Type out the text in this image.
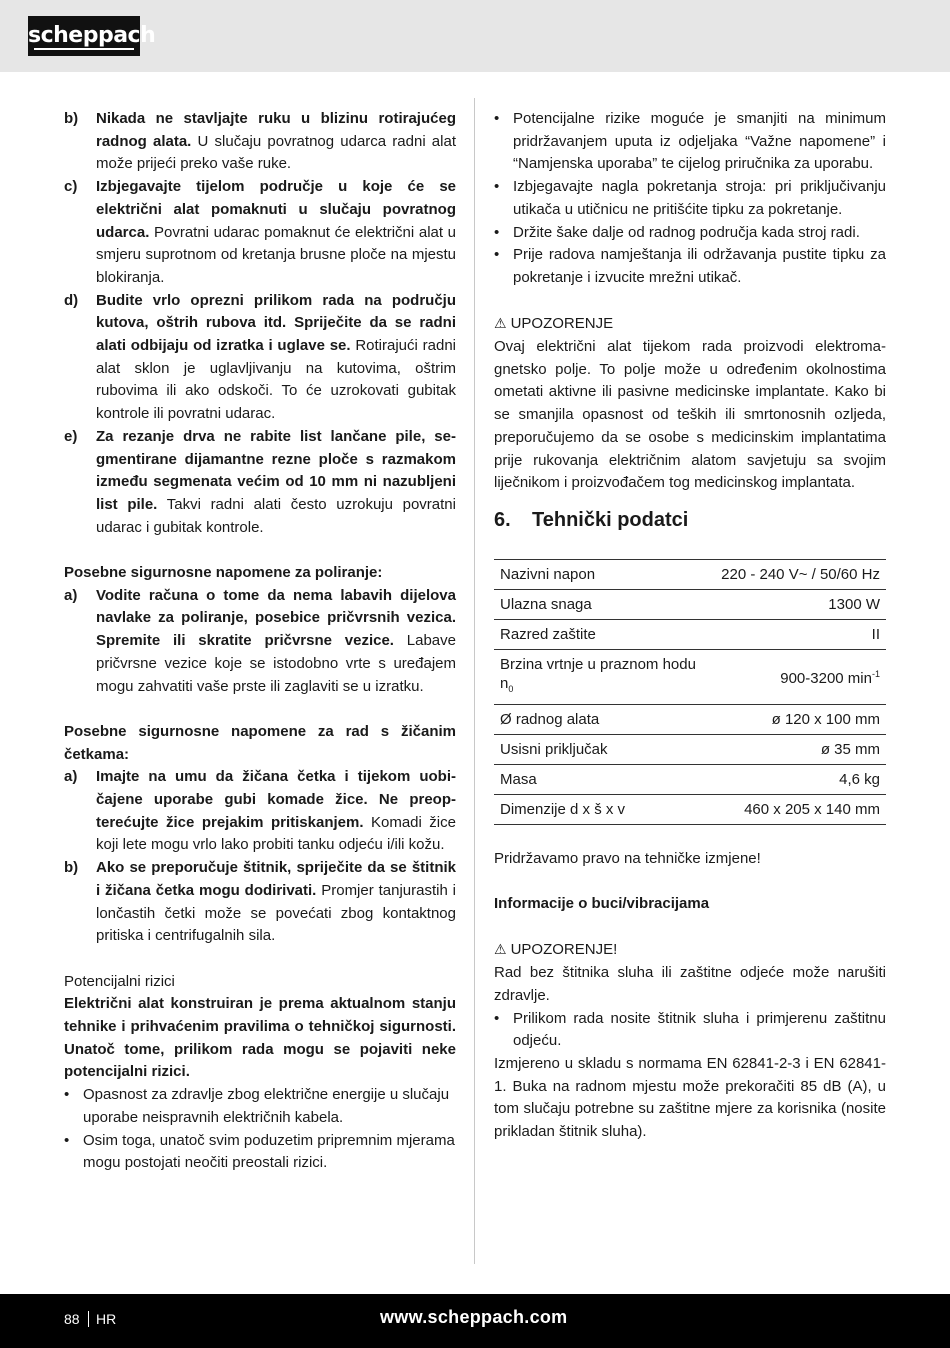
scheppach
b)	Nikada ne stavljajte ruku u blizinu rotirajućeg radnog alata. U slučaju povratnog udarca radni alat može prijeći preko vaše ruke.
c)	Izbjegavajte tijelom područje u koje će se električni alat pomaknuti u slučaju povratnog udarca. Povratni udarac pomaknut će električni alat u smjeru suprotnom od kretanja brusne ploče na mjestu blokiranja.
d)	Budite vrlo oprezni prilikom rada na području kutova, oštrih rubova itd. Spriječite da se radni alati odbijaju od izratka i uglave se. Rotirajući radni alat sklon je uglavljivanju na kutovima, oštrim rubovima ili ako odskoči. To će uzrokovati gubitak kontrole ili povratni udarac.
e)	Za rezanje drva ne rabite list lančane pile, segmentirane dijamantne rezne ploče s razmakom između segmenata većim od 10 mm ni nazubljeni list pile. Takvi radni alati često uzrokuju povratni udarac i gubitak kontrole.
Posebne sigurnosne napomene za poliranje:
a)	Vodite računa o tome da nema labavih dijelova navlake za poliranje, posebice pričvrsnih vezica. Spremite ili skratite pričvrsne vezice. Labave pričvrsne vezice koje se istodobno vrte s uređajem mogu zahvatiti vaše prste ili zaglaviti se u izratku.
Posebne sigurnosne napomene za rad s žičanim četkama:
a)	Imajte na umu da žičana četka i tijekom uobičajene uporabe gubi komade žice. Ne preopterećujte žice prejakim pritiskanjem. Komadi žice koji lete mogu vrlo lako probiti tanku odjeću i/ili kožu.
b)	Ako se preporučuje štitnik, spriječite da se štitnik i žičana četka mogu dodirivati. Promjer tanjurastih i lončastih četki može se povećati zbog kontaktnog pritiska i centrifugalnih sila.
Potencijalni rizici
Električni alat konstruiran je prema aktualnom stanju tehnike i prihvaćenim pravilima o tehničkoj sigurnosti. Unatoč tome, prilikom rada mogu se pojaviti neke potencijalni rizici.
• Opasnost za zdravlje zbog električne energije u slučaju uporabe neispravnih električnih kabela.
• Osim toga, unatoč svim poduzetim pripremnim mjerama mogu postojati neočiti preostali rizici.
• Potencijalne rizike moguće je smanjiti na minimum pridržavanjem uputa iz odjeljaka “Važne napomene” i “Namjenska uporaba” te cijelog priručnika za uporabu.
• Izbjegavajte nagla pokretanja stroja: pri priključivanju utikača u utičnicu ne pritišćite tipku za pokretanje.
• Držite šake dalje od radnog područja kada stroj radi.
• Prije radova namještanja ili održavanja pustite tipku za pokretanje i izvucite mrežni utikač.
⚠ UPOZORENJE
Ovaj električni alat tijekom rada proizvodi elektromagnetsko polje. To polje može u određenim okolnostima ometati aktivne ili pasivne medicinske implantate. Kako bi se smanjila opasnost od teških ili smrtonosnih ozljeda, preporučujemo da se osobe s medicinskim implantatima prije rukovanja električnim alatom savjetuju sa svojim liječnikom i proizvođačem tog medicinskog implantata.
6. Tehnički podatci
Nazivni napon	220 - 240 V~ / 50/60 Hz
Ulazna snaga	1300 W
Razred zaštite	II
Brzina vrtnje u praznom hodu $n_0$	900-3200 $\min^{-1}$
Ø radnog alata	ø 120 x 100 mm
Usisni priključak	ø 35 mm
Masa	4,6 kg
Dimenzije d x š x v	460 x 205 x 140 mm
Pridržavamo pravo na tehničke izmjene!
Informacije o buci/vibracijama
⚠ UPOZORENJE!
Rad bez štitnika sluha ili zaštitne odjeće može narušiti zdravlje.
• Prilikom rada nosite štitnik sluha i primjerenu zaštitnu odjeću.
Izmjereno u skladu s normama EN 62841-2-3 i EN 62841-1. Buka na radnom mjestu može prekoračiti 85 dB (A), u tom slučaju potrebne su zaštitne mjere za korisnika (nosite prikladan štitnik sluha).
88 HR	www.scheppach.com
